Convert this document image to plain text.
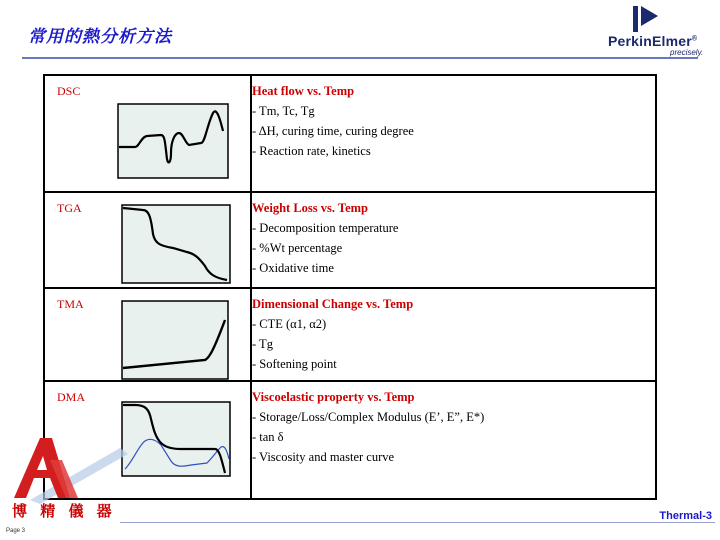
常用的熱分析方法	PerkinElmer®
precisely.
DSC	Heat flow vs. Temp
- Tm, Tc, Tg
- ΔH, curing time, curing degree
- Reaction rate, kinetics

TGA	Weight Loss vs. Temp
- Decomposition temperature
- %Wt percentage
- Oxidative time

TMA	Dimensional Change vs. Temp
- CTE (α1, α2)
- Tg
- Softening point

DMA	Viscoelastic property vs. Temp
- Storage/Loss/Complex Modulus (E’, E”, E*)
- tan δ
- Viscosity and master curve
博 精 儀 器	Thermal-3
Page 3
